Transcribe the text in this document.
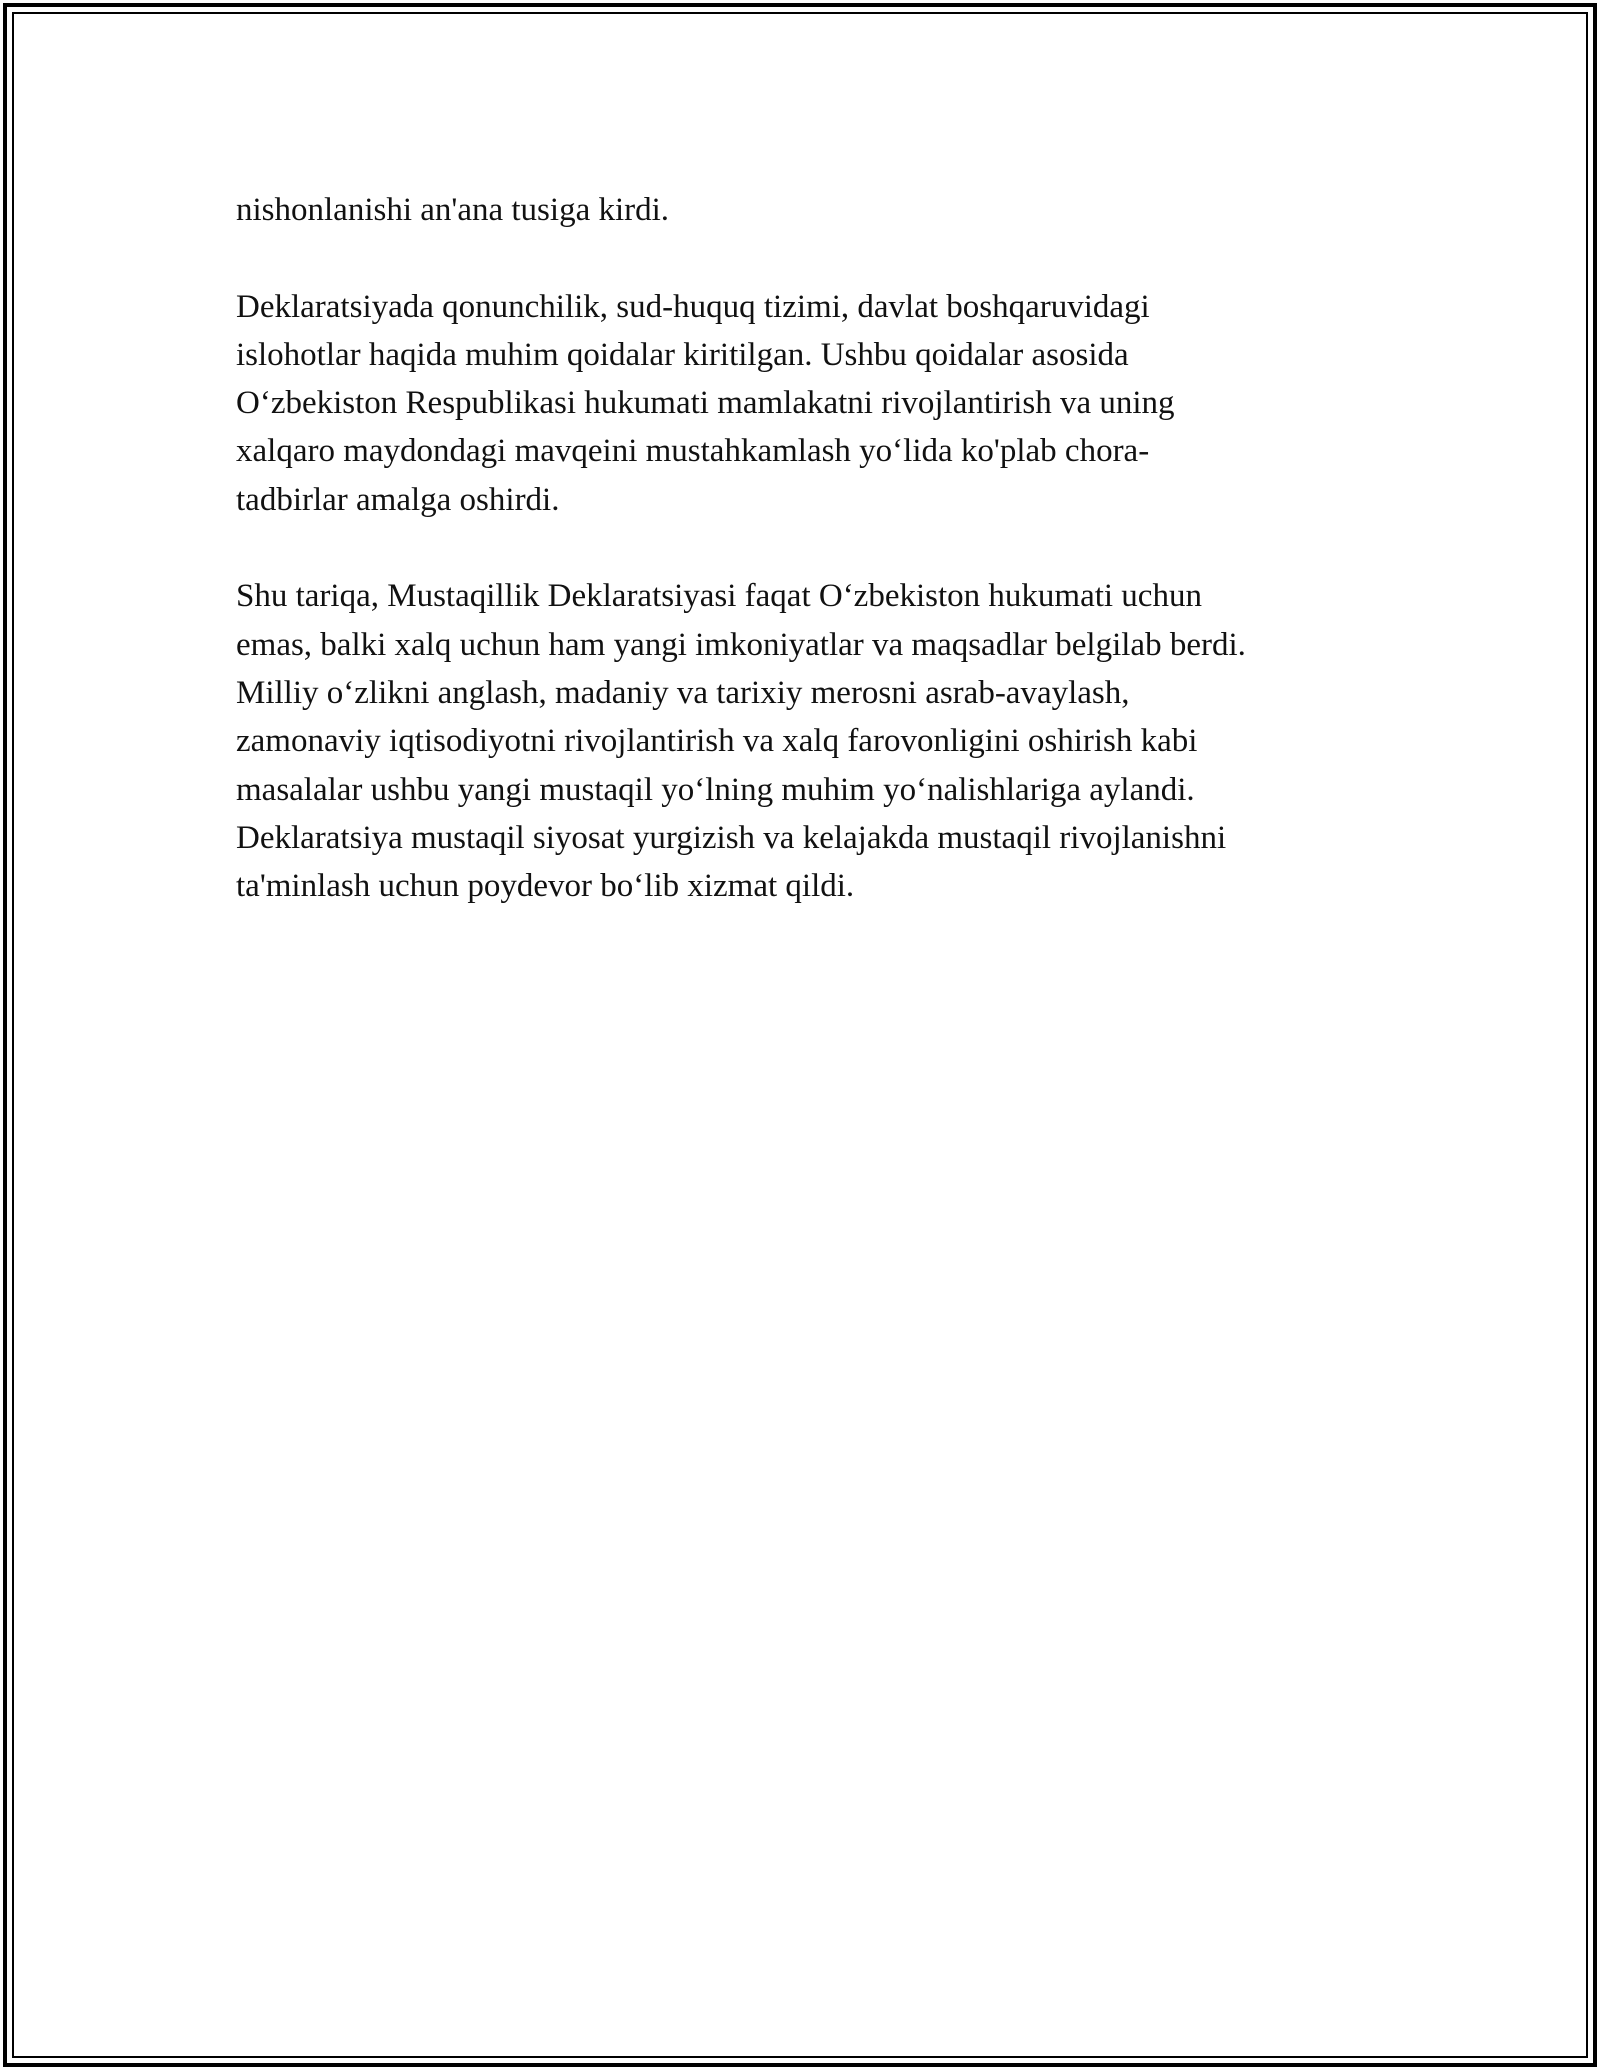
nishonlanishi an'ana tusiga kirdi.

Deklaratsiyada qonunchilik, sud-huquq tizimi, davlat boshqaruvidagi
islohotlar haqida muhim qoidalar kiritilgan. Ushbu qoidalar asosida
O‘zbekiston Respublikasi hukumati mamlakatni rivojlantirish va uning
xalqaro maydondagi mavqeini mustahkamlash yo‘lida ko'plab chora-
tadbirlar amalga oshirdi.

Shu tariqa, Mustaqillik Deklaratsiyasi faqat O‘zbekiston hukumati uchun
emas, balki xalq uchun ham yangi imkoniyatlar va maqsadlar belgilab berdi.
Milliy o‘zlikni anglash, madaniy va tarixiy merosni asrab-avaylash,
zamonaviy iqtisodiyotni rivojlantirish va xalq farovonligini oshirish kabi
masalalar ushbu yangi mustaqil yo‘lning muhim yo‘nalishlariga aylandi.
Deklaratsiya mustaqil siyosat yurgizish va kelajakda mustaqil rivojlanishni
ta'minlash uchun poydevor bo‘lib xizmat qildi.
